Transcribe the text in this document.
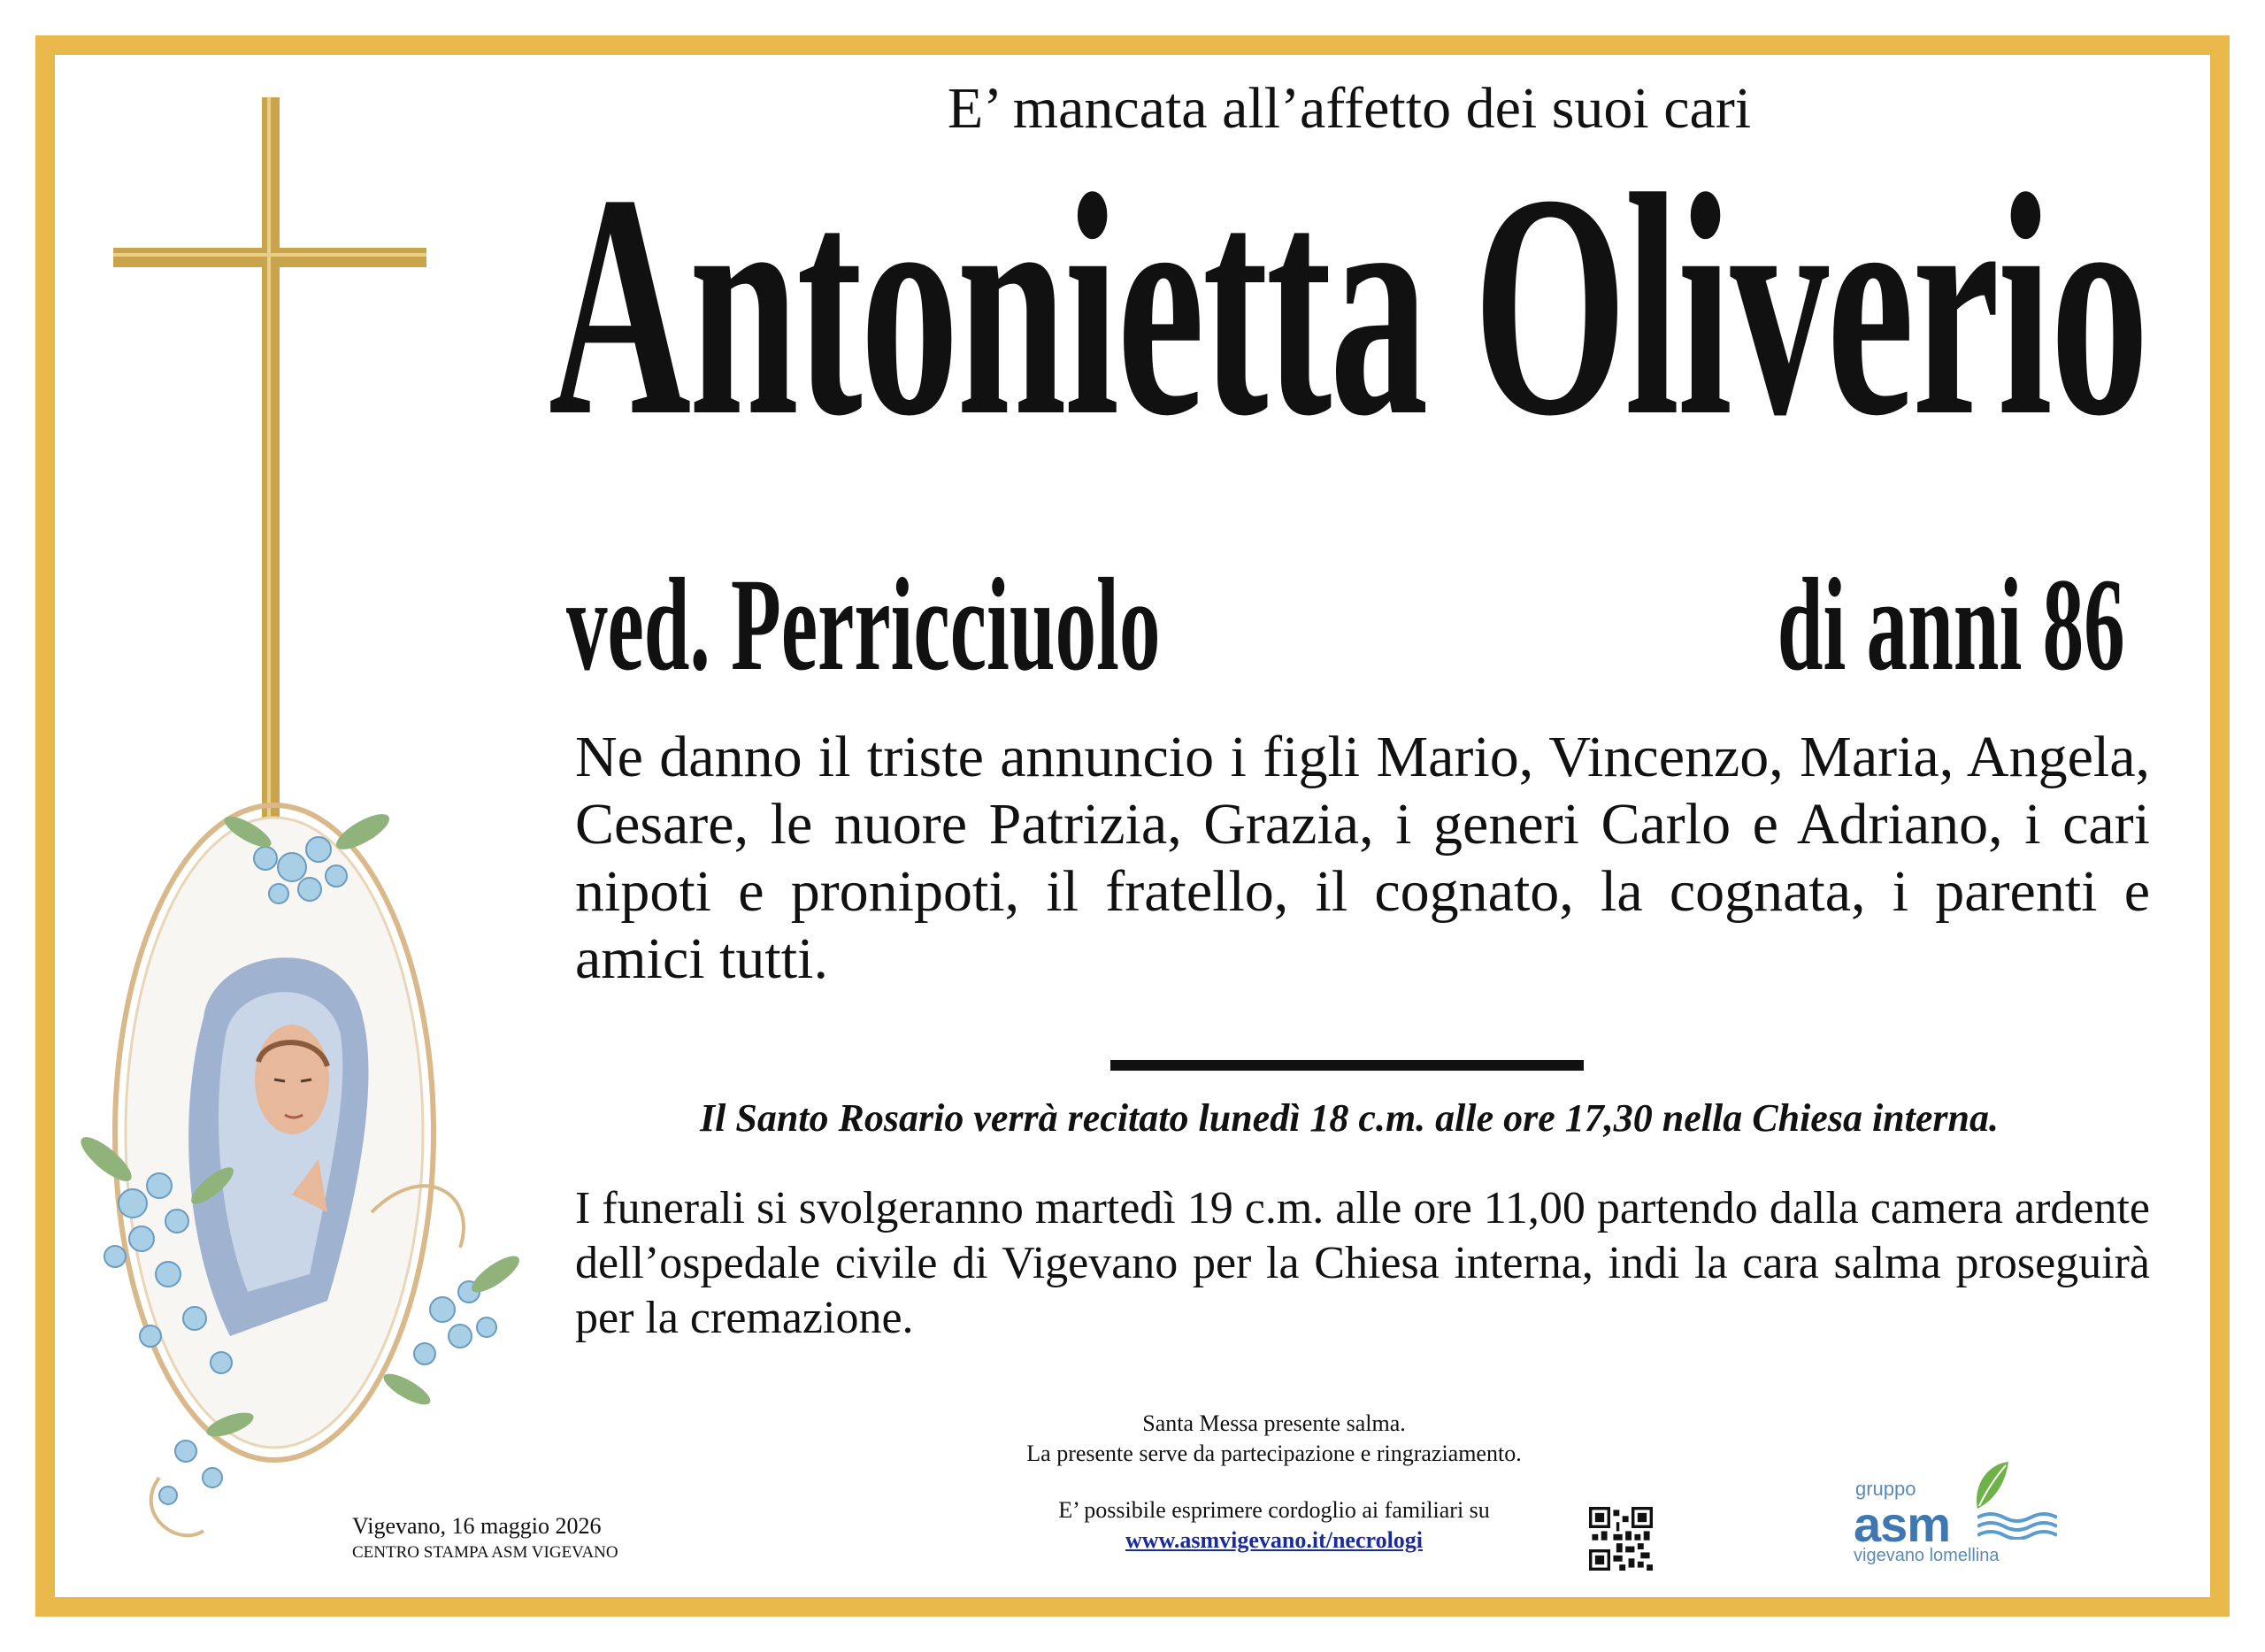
E’ mancata all’affetto dei suoi cari
Antonietta Oliverio
ved. Perricciuolo	di anni 86
Ne danno il triste annuncio i figli Mario, Vincenzo, Maria, Angela, Cesare, le nuore Patrizia, Grazia, i generi Carlo e Adriano, i cari nipoti e pronipoti, il fratello, il cognato, la cognata, i parenti e amici tutti.
Il Santo Rosario verrà recitato lunedì 18 c.m. alle ore 17,30 nella Chiesa interna.
I funerali si svolgeranno martedì 19 c.m. alle ore 11,00 partendo dalla camera ardente dell’ospedale civile di Vigevano per la Chiesa interna, indi la cara salma proseguirà per la cremazione.
Santa Messa presente salma.
La presente serve da partecipazione e ringraziamento.
E’ possibile esprimere cordoglio ai familiari su
www.asmvigevano.it/necrologi
Vigevano, 16 maggio 2026
CENTRO STAMPA ASM VIGEVANO
gruppo
asm
vigevano lomellina
